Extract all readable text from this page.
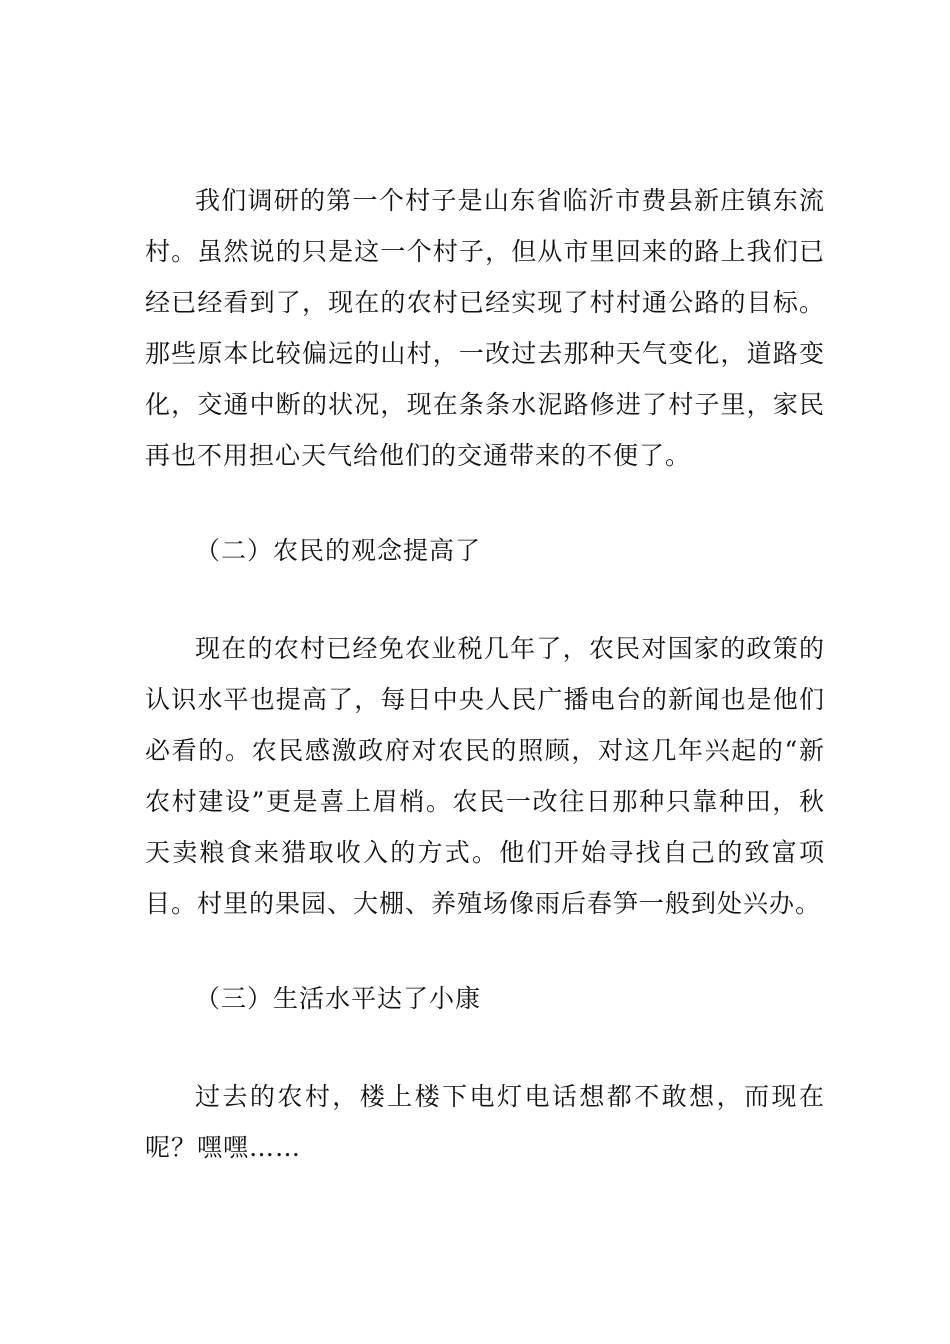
我们调研的第一个村子是山东省临沂市费县新庄镇东流村。虽然说的只是这一个村子，但从市里回来的路上我们已经已经看到了，现在的农村已经实现了村村通公路的目标。那些原本比较偏远的山村，一改过去那种天气变化，道路变化，交通中断的状况，现在条条水泥路修进了村子里，家民再也不用担心天气给他们的交通带来的不便了。

（二）农民的观念提高了

现在的农村已经免农业税几年了，农民对国家的政策的认识水平也提高了，每日中央人民广播电台的新闻也是他们必看的。农民感激政府对农民的照顾，对这几年兴起的“新农村建设”更是喜上眉梢。农民一改往日那种只靠种田，秋天卖粮食来猎取收入的方式。他们开始寻找自己的致富项目。村里的果园、大棚、养殖场像雨后春笋一般到处兴办。

（三）生活水平达了小康

过去的农村，楼上楼下电灯电话想都不敢想，而现在呢？嘿嘿……
